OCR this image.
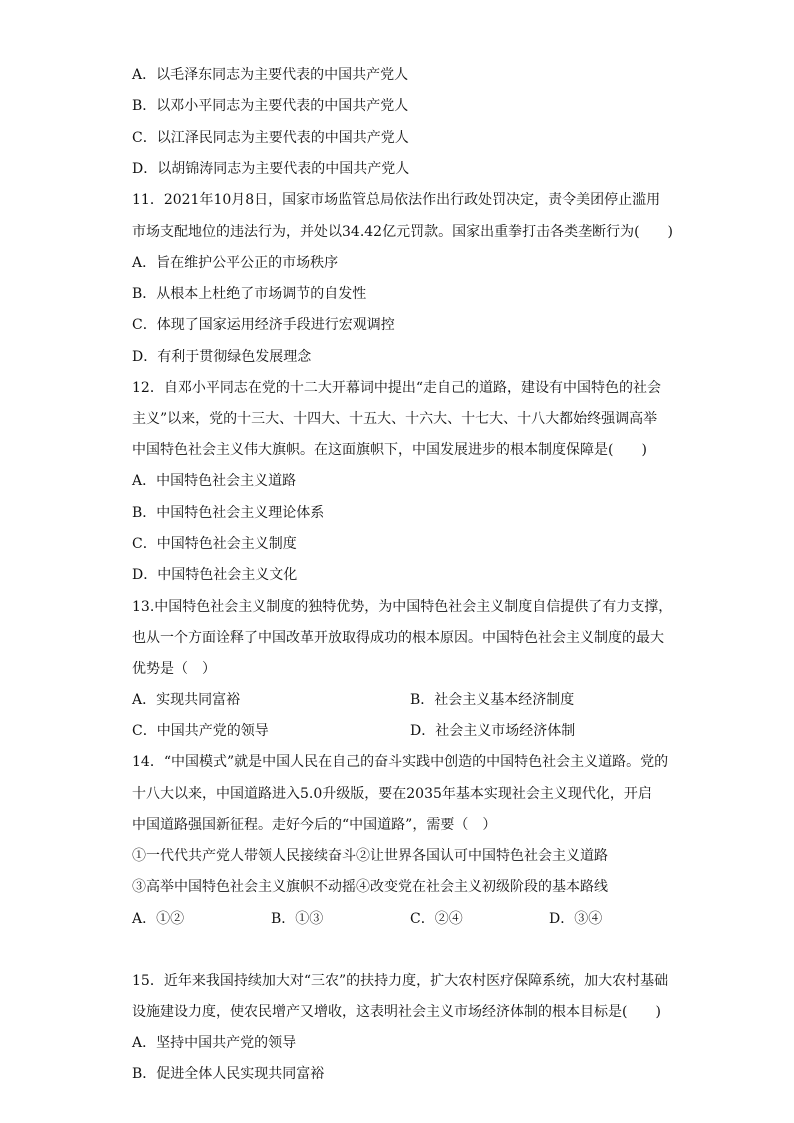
A．以毛泽东同志为主要代表的中国共产党人
B．以邓小平同志为主要代表的中国共产党人
C．以江泽民同志为主要代表的中国共产党人
D．以胡锦涛同志为主要代表的中国共产党人
11．2021年10月8日，国家市场监管总局依法作出行政处罚决定，责令美团停止滥用
市场支配地位的违法行为，并处以34.42亿元罚款。国家出重拳打击各类垄断行为(　　)
A．旨在维护公平公正的市场秩序
B．从根本上杜绝了市场调节的自发性
C．体现了国家运用经济手段进行宏观调控
D．有利于贯彻绿色发展理念
12．自邓小平同志在党的十二大开幕词中提出“走自己的道路，建设有中国特色的社会
主义”以来，党的十三大、十四大、十五大、十六大、十七大、十八大都始终强调高举
中国特色社会主义伟大旗帜。在这面旗帜下，中国发展进步的根本制度保障是(　　)
A．中国特色社会主义道路
B．中国特色社会主义理论体系
C．中国特色社会主义制度
D．中国特色社会主义文化
13.中国特色社会主义制度的独特优势，为中国特色社会主义制度自信提供了有力支撑，
也从一个方面诠释了中国改革开放取得成功的根本原因。中国特色社会主义制度的最大
优势是（　）
A．实现共同富裕	B．社会主义基本经济制度
C．中国共产党的领导	D．社会主义市场经济体制
14．“中国模式”就是中国人民在自己的奋斗实践中创造的中国特色社会主义道路。党的
十八大以来，中国道路进入5.0升级版，要在2035年基本实现社会主义现代化，开启
中国道路强国新征程。走好今后的“中国道路”，需要（　）
①一代代共产党人带领人民接续奋斗②让世界各国认可中国特色社会主义道路
③高举中国特色社会主义旗帜不动摇④改变党在社会主义初级阶段的基本路线
A．①②	B．①③	C．②④	D．③④
15．近年来我国持续加大对“三农”的扶持力度，扩大农村医疗保障系统，加大农村基础
设施建设力度，使农民增产又增收，这表明社会主义市场经济体制的根本目标是(　　)
A．坚持中国共产党的领导
B．促进全体人民实现共同富裕
